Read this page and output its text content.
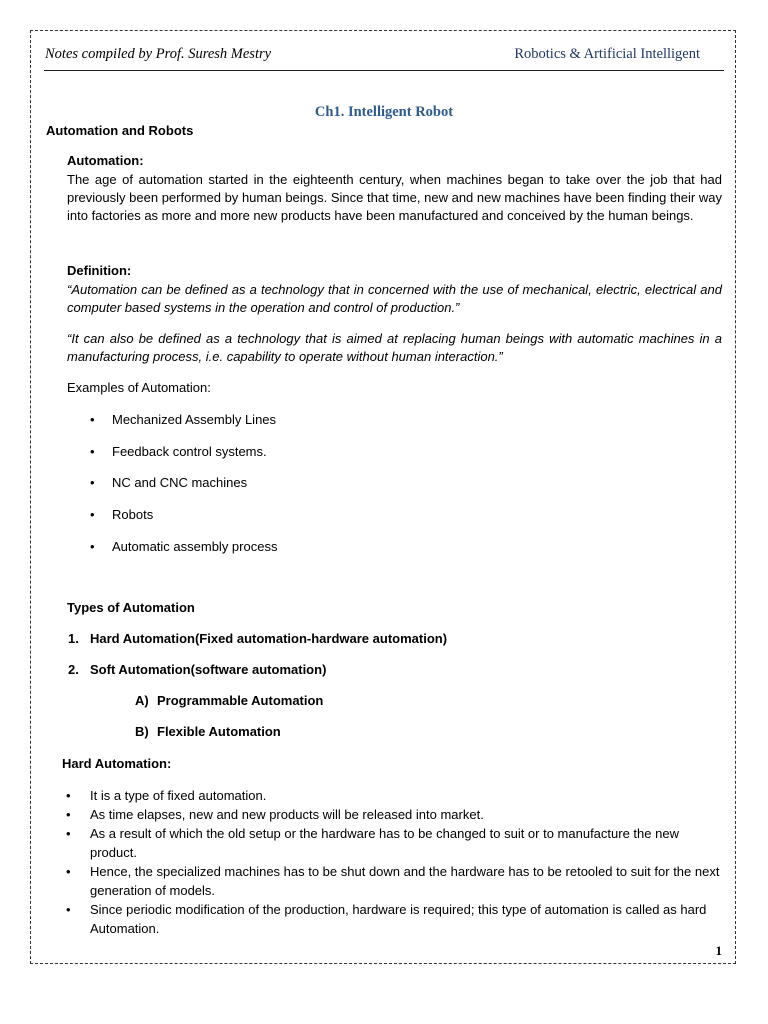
Notes compiled by Prof. Suresh Mestry	Robotics & Artificial Intelligent

Ch1. Intelligent Robot

Automation and Robots

Automation:

The age of automation started in the eighteenth century, when machines began to take over the job that had previously been performed by human beings. Since that time, new and new machines have been finding their way into factories as more and more new products have been manufactured and conceived by the human beings.

Definition:

“Automation can be defined as a technology that in concerned with the use of mechanical, electric, electrical and computer based systems in the operation and control of production.”

“It can also be defined as a technology that is aimed at replacing human beings with automatic machines in a manufacturing process, i.e. capability to operate without human interaction.”

Examples of Automation:

• Mechanized Assembly Lines
• Feedback control systems.
• NC and CNC machines
• Robots
• Automatic assembly process

Types of Automation

1. Hard Automation(Fixed automation-hardware automation)
2. Soft Automation(software automation)
A) Programmable Automation
B) Flexible Automation

Hard Automation:

• It is a type of fixed automation.
• As time elapses, new and new products will be released into market.
• As a result of which the old setup or the hardware has to be changed to suit or to manufacture the new product.
• Hence, the specialized machines has to be shut down and the hardware has to be retooled to suit for the next generation of models.
• Since periodic modification of the production, hardware is required; this type of automation is called as hard Automation.

1
